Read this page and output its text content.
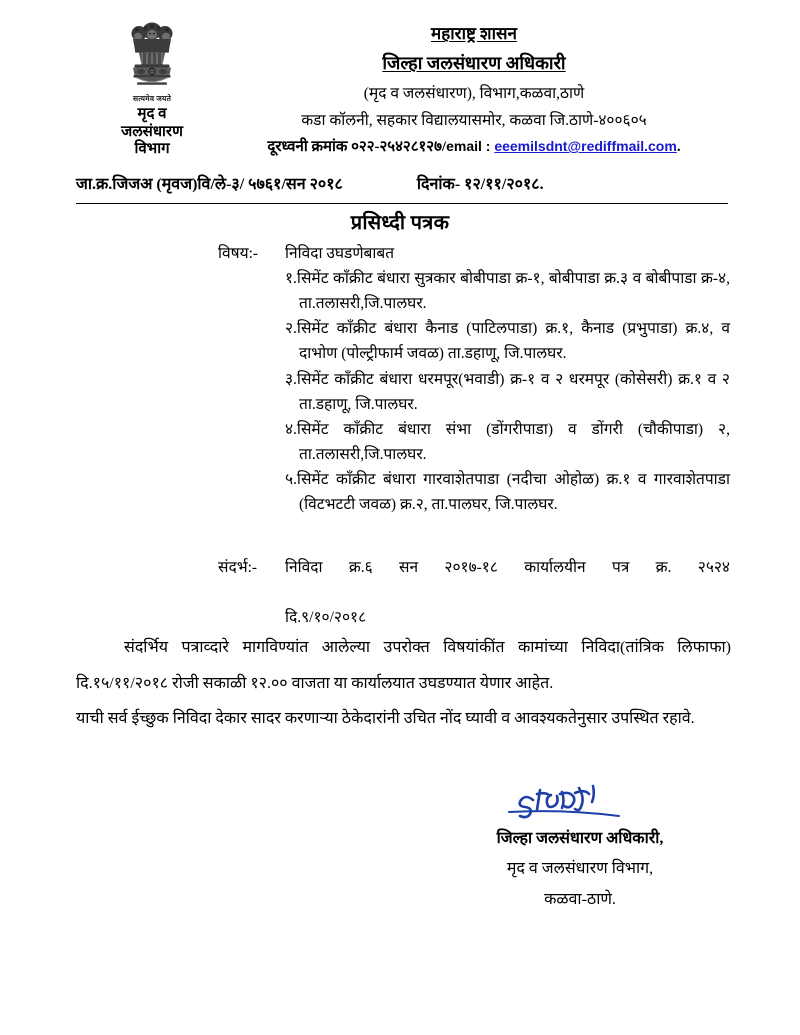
सत्यमेव जयते
मृद व
जलसंधारण
विभाग
महाराष्ट्र शासन
जिल्हा जलसंधारण अधिकारी
(मृद व जलसंधारण), विभाग,कळवा,ठाणे
कडा कॉलनी, सहकार विद्यालयासमोर, कळवा जि.ठाणे-४००६०५
दूरध्वनी क्रमांक ०२२-२५४२८१२७/email : eeemilsdnt@rediffmail.com.
जा.क्र.जिजअ (मृवज)वि/ले-३/ ५७६१/सन २०१८	दिनांक- १२/११/२०१८.
प्रसिध्दी पत्रक
विषय:-	निविदा उघडणेबाबत
१.सिमेंट काँक्रीट बंधारा सुत्रकार बोबीपाडा क्र-१, बोबीपाडा क्र.३ व बोबीपाडा क्र-४, ता.तलासरी,जि.पालघर.
२.सिमेंट काँक्रीट बंधारा कैनाड (पाटिलपाडा) क्र.१, कैनाड (प्रभुपाडा) क्र.४, व दाभोण (पोल्ट्रीफार्म जवळ) ता.डहाणू, जि.पालघर.
३.सिमेंट काँक्रीट बंधारा धरमपूर(भवाडी) क्र-१ व २ धरमपूर (कोसेसरी) क्र.१ व २ ता.डहाणू, जि.पालघर.
४.सिमेंट काँक्रीट बंधारा संभा (डोंगरीपाडा) व डोंगरी (चौकीपाडा) २, ता.तलासरी,जि.पालघर.
५.सिमेंट काँक्रीट बंधारा गारवाशेतपाडा (नदीचा ओहोळ) क्र.१ व गारवाशेतपाडा (विटभटटी जवळ) क्र.२, ता.पालघर, जि.पालघर.
संदर्भ:-	निविदा क्र.६ सन २०१७-१८ कार्यालयीन पत्र क्र. २५२४
दि.९/१०/२०१८

संदर्भिय पत्राव्दारे मागविण्यांत आलेल्या उपरोक्त विषयांकींत कामांच्या निविदा(तांत्रिक लिफाफा) दि.१५/११/२०१८ रोजी सकाळी १२.०० वाजता या कार्यालयात उघडण्यात येणार आहेत.

याची सर्व ईच्छुक निविदा देकार सादर करणाऱ्या ठेकेदारांनी उचित नोंद घ्यावी व आवश्यकतेनुसार उपस्थित रहावे.

जिल्हा जलसंधारण अधिकारी,
मृद व जलसंधारण विभाग,
कळवा-ठाणे.
